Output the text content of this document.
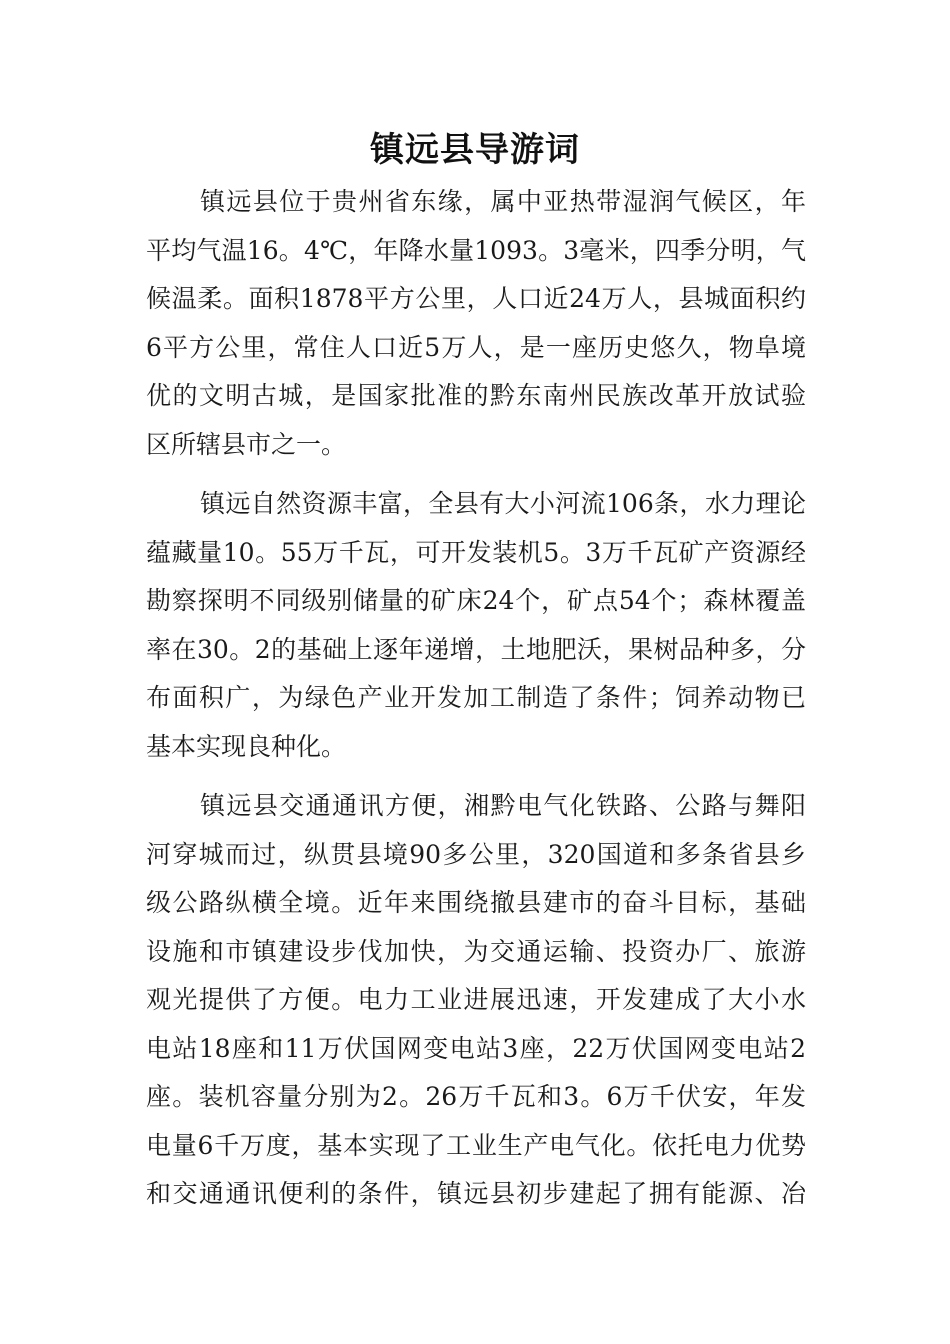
镇远县导游词
镇远县位于贵州省东缘，属中亚热带湿润气候区，年
平均气温16。4℃，年降水量1093。3毫米，四季分明，气
候温柔。面积1878平方公里，人口近24万人，县城面积约
6平方公里，常住人口近5万人，是一座历史悠久，物阜境
优的文明古城，是国家批准的黔东南州民族改革开放试验
区所辖县市之一。
镇远自然资源丰富，全县有大小河流106条，水力理论
蕴藏量10。55万千瓦，可开发装机5。3万千瓦矿产资源经
勘察探明不同级别储量的矿床24个，矿点54个；森林覆盖
率在30。2的基础上逐年递增，土地肥沃，果树品种多，分
布面积广，为绿色产业开发加工制造了条件；饲养动物已
基本实现良种化。
镇远县交通通讯方便，湘黔电气化铁路、公路与舞阳
河穿城而过，纵贯县境90多公里，320国道和多条省县乡
级公路纵横全境。近年来围绕撤县建市的奋斗目标，基础
设施和市镇建设步伐加快，为交通运输、投资办厂、旅游
观光提供了方便。电力工业进展迅速，开发建成了大小水
电站18座和11万伏国网变电站3座，22万伏国网变电站2
座。装机容量分别为2。26万千瓦和3。6万千伏安，年发
电量6千万度，基本实现了工业生产电气化。依托电力优势
和交通通讯便利的条件，镇远县初步建起了拥有能源、冶
